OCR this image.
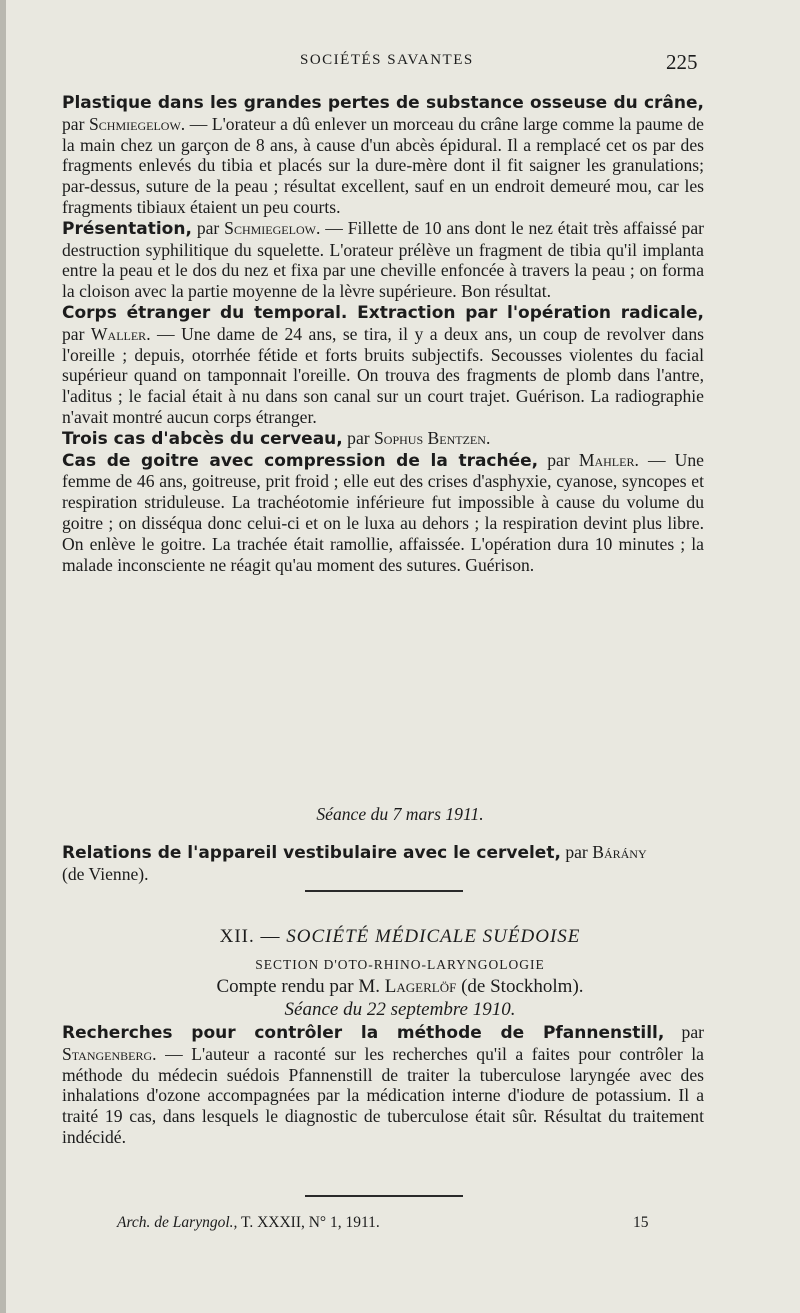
SOCIÉTÉS SAVANTES	225

Plastique dans les grandes pertes de substance osseuse du crâne, par Schmiegelow. — L'orateur a dû enlever un morceau du crâne large comme la paume de la main chez un garçon de 8 ans, à cause d'un abcès épidural. Il a remplacé cet os par des fragments enlevés du tibia et placés sur la dure-mère dont il fit saigner les granulations; par-dessus, suture de la peau ; résultat excellent, sauf en un endroit demeuré mou, car les fragments tibiaux étaient un peu courts.

Présentation, par Schmiegelow. — Fillette de 10 ans dont le nez était très affaissé par destruction syphilitique du squelette. L'orateur prélève un fragment de tibia qu'il implanta entre la peau et le dos du nez et fixa par une cheville enfoncée à travers la peau ; on forma la cloison avec la partie moyenne de la lèvre supérieure. Bon résultat.

Corps étranger du temporal. Extraction par l'opération radicale, par Waller. — Une dame de 24 ans, se tira, il y a deux ans, un coup de revolver dans l'oreille ; depuis, otorrhée fétide et forts bruits subjectifs. Secousses violentes du facial supérieur quand on tamponnait l'oreille. On trouva des fragments de plomb dans l'antre, l'aditus ; le facial était à nu dans son canal sur un court trajet. Guérison. La radiographie n'avait montré aucun corps étranger.

Trois cas d'abcès du cerveau, par Sophus Bentzen.

Cas de goitre avec compression de la trachée, par Mahler. — Une femme de 46 ans, goitreuse, prit froid ; elle eut des crises d'asphyxie, cyanose, syncopes et respiration striduleuse. La trachéotomie inférieure fut impossible à cause du volume du goitre ; on disséqua donc celui-ci et on le luxa au dehors ; la respiration devint plus libre. On enlève le goitre. La trachée était ramollie, affaissée. L'opération dura 10 minutes ; la malade inconsciente ne réagit qu'au moment des sutures. Guérison.

Séance du 7 mars 1911.
Relations de l'appareil vestibulaire avec le cervelet, par Bárány
(de Vienne).
XII. — SOCIÉTÉ MÉDICALE SUÉDOISE
SECTION D'OTO-RHINO-LARYNGOLOGIE
Compte rendu par M. Lagerlöf (de Stockholm).
Séance du 22 septembre 1910.

Recherches pour contrôler la méthode de Pfannenstill, par Stangenberg. — L'auteur a raconté sur les recherches qu'il a faites pour contrôler la méthode du médecin suédois Pfannenstill de traiter la tuberculose laryngée avec des inhalations d'ozone accompagnées par la médication interne d'iodure de potassium. Il a traité 19 cas, dans lesquels le diagnostic de tuberculose était sûr. Résultat du traitement indécidé.

Arch. de Laryngol., T. XXXII, N° 1, 1911.	15
